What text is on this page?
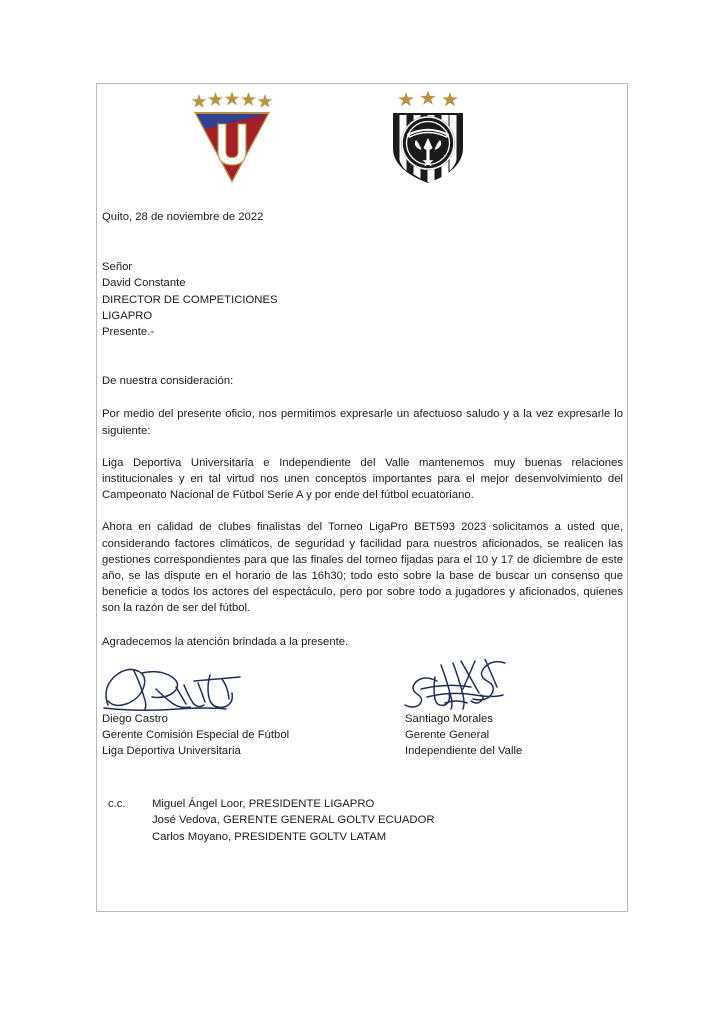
Quito, 28 de noviembre de 2022
Señor
David Constante
DIRECTOR DE COMPETICIONES
LIGAPRO
Presente.-
De nuestra consideración:

Por medio del presente oficio, nos permitimos expresarle un afectuoso saludo y a la vez expresarle lo siguiente:

Liga Deportiva Universitaria e Independiente del Valle mantenemos muy buenas relaciones institucionales y en tal virtud nos unen conceptos importantes para el mejor desenvolvimiento del Campeonato Nacional de Fútbol Serie A y por ende del fútbol ecuatoriano.

Ahora en calidad de clubes finalistas del Torneo LigaPro BET593 2023 solicitamos a usted que, considerando factores climáticos, de seguridad y facilidad para nuestros aficionados, se realicen las gestiones correspondientes para que las finales del torneo fijadas para el 10 y 17 de diciembre de este año, se las dispute en el horario de las 16h30; todo esto sobre la base de buscar un consenso que beneficie a todos los actores del espectáculo, pero por sobre todo a jugadores y aficionados, quienes son la razón de ser del fútbol.

Agradecemos la atención brindada a la presente.
Diego Castro
Gerente Comisión Especial de Fútbol
Liga Deportiva Universitaria
Santiago Morales
Gerente General
Independiente del Valle
c.c. Miguel Ángel Loor, PRESIDENTE LIGAPRO
José Vedova, GERENTE GENERAL GOLTV ECUADOR
Carlos Moyano, PRESIDENTE GOLTV LATAM
